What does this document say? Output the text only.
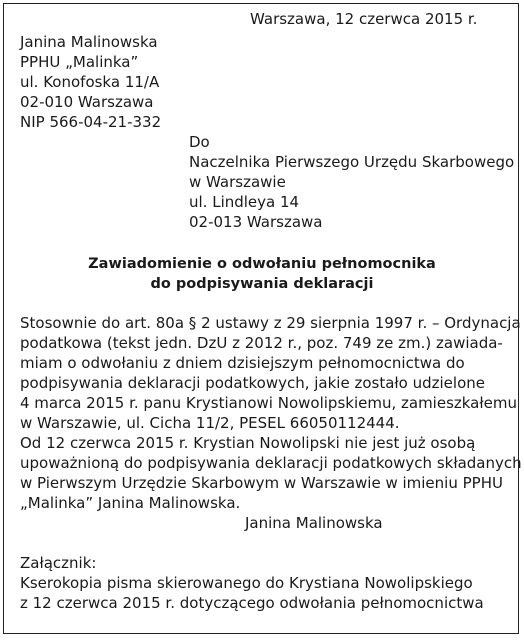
Warszawa, 12 czerwca 2015 r.
Janina Malinowska
PPHU „Malinka”
ul. Konofoska 11/A
02-010 Warszawa
NIP 566-04-21-332
Do
Naczelnika Pierwszego Urzędu Skarbowego
w Warszawie
ul. Lindleya 14
02-013 Warszawa
Zawiadomienie o odwołaniu pełnomocnika
do podpisywania deklaracji
Stosownie do art. 80a § 2 ustawy z 29 sierpnia 1997 r. – Ordynacja
podatkowa (tekst jedn. DzU z 2012 r., poz. 749 ze zm.) zawiada-
miam o odwołaniu z dniem dzisiejszym pełnomocnictwa do
podpisywania deklaracji podatkowych, jakie zostało udzielone
4 marca 2015 r. panu Krystianowi Nowolipskiemu, zamieszkałemu
w Warszawie, ul. Cicha 11/2, PESEL 66050112444.
Od 12 czerwca 2015 r. Krystian Nowolipski nie jest już osobą
upoważnioną do podpisywania deklaracji podatkowych składanych
w Pierwszym Urzędzie Skarbowym w Warszawie w imieniu PPHU
„Malinka” Janina Malinowska.
Janina Malinowska
Załącznik:
Kserokopia pisma skierowanego do Krystiana Nowolipskiego
z 12 czerwca 2015 r. dotyczącego odwołania pełnomocnictwa
